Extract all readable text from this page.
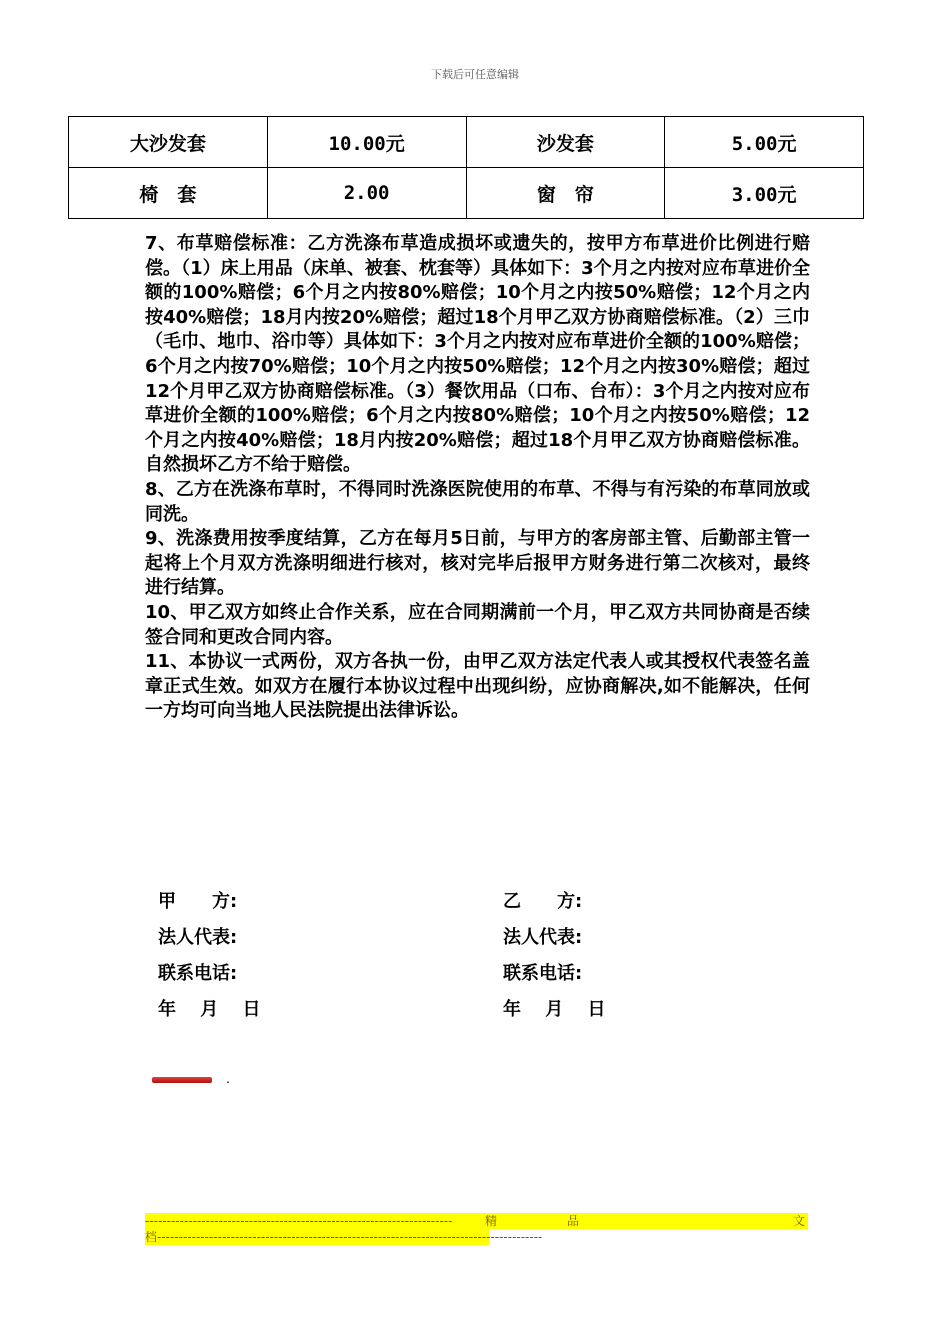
下载后可任意编辑
大沙发套	10.00元	沙发套	5.00元
椅　套	2.00	窗　帘	3.00元

7、布草赔偿标准：乙方洗涤布草造成损坏或遗失的，按甲方布草进价比例进行赔偿。（1）床上用品（床单、被套、枕套等）具体如下：3个月之内按对应布草进价全额的100%赔偿；6个月之内按80%赔偿；10个月之内按50%赔偿；12个月之内按40%赔偿；18月内按20%赔偿；超过18个月甲乙双方协商赔偿标准。（2）三巾（毛巾、地巾、浴巾等）具体如下：3个月之内按对应布草进价全额的100%赔偿；6个月之内按70%赔偿；10个月之内按50%赔偿；12个月之内按30%赔偿；超过12个月甲乙双方协商赔偿标准。（3）餐饮用品（口布、台布）：3个月之内按对应布草进价全额的100%赔偿；6个月之内按80%赔偿；10个月之内按50%赔偿；12个月之内按40%赔偿；18月内按20%赔偿；超过18个月甲乙双方协商赔偿标准。自然损坏乙方不给于赔偿。

8、乙方在洗涤布草时，不得同时洗涤医院使用的布草、不得与有污染的布草同放或同洗。

9、洗涤费用按季度结算，乙方在每月5日前，与甲方的客房部主管、后勤部主管一起将上个月双方洗涤明细进行核对，核对完毕后报甲方财务进行第二次核对，最终进行结算。

10、甲乙双方如终止合作关系，应在合同期满前一个月，甲乙双方共同协商是否续签合同和更改合同内容。

11、本协议一式两份，双方各执一份，由甲乙双方法定代表人或其授权代表签名盖章正式生效。如双方在履行本协议过程中出现纠纷，应协商解决,如不能解决，任何一方均可向当地人民法院提出法律诉讼。

甲　　方:
法人代表:
联系电话:
年　 月　 日
乙　　方:
法人代表:
联系电话:
年　 月　 日
.
-----------------------------------------------------------------------	精	品	文
档-----------------------------------------------------------------------------------------
